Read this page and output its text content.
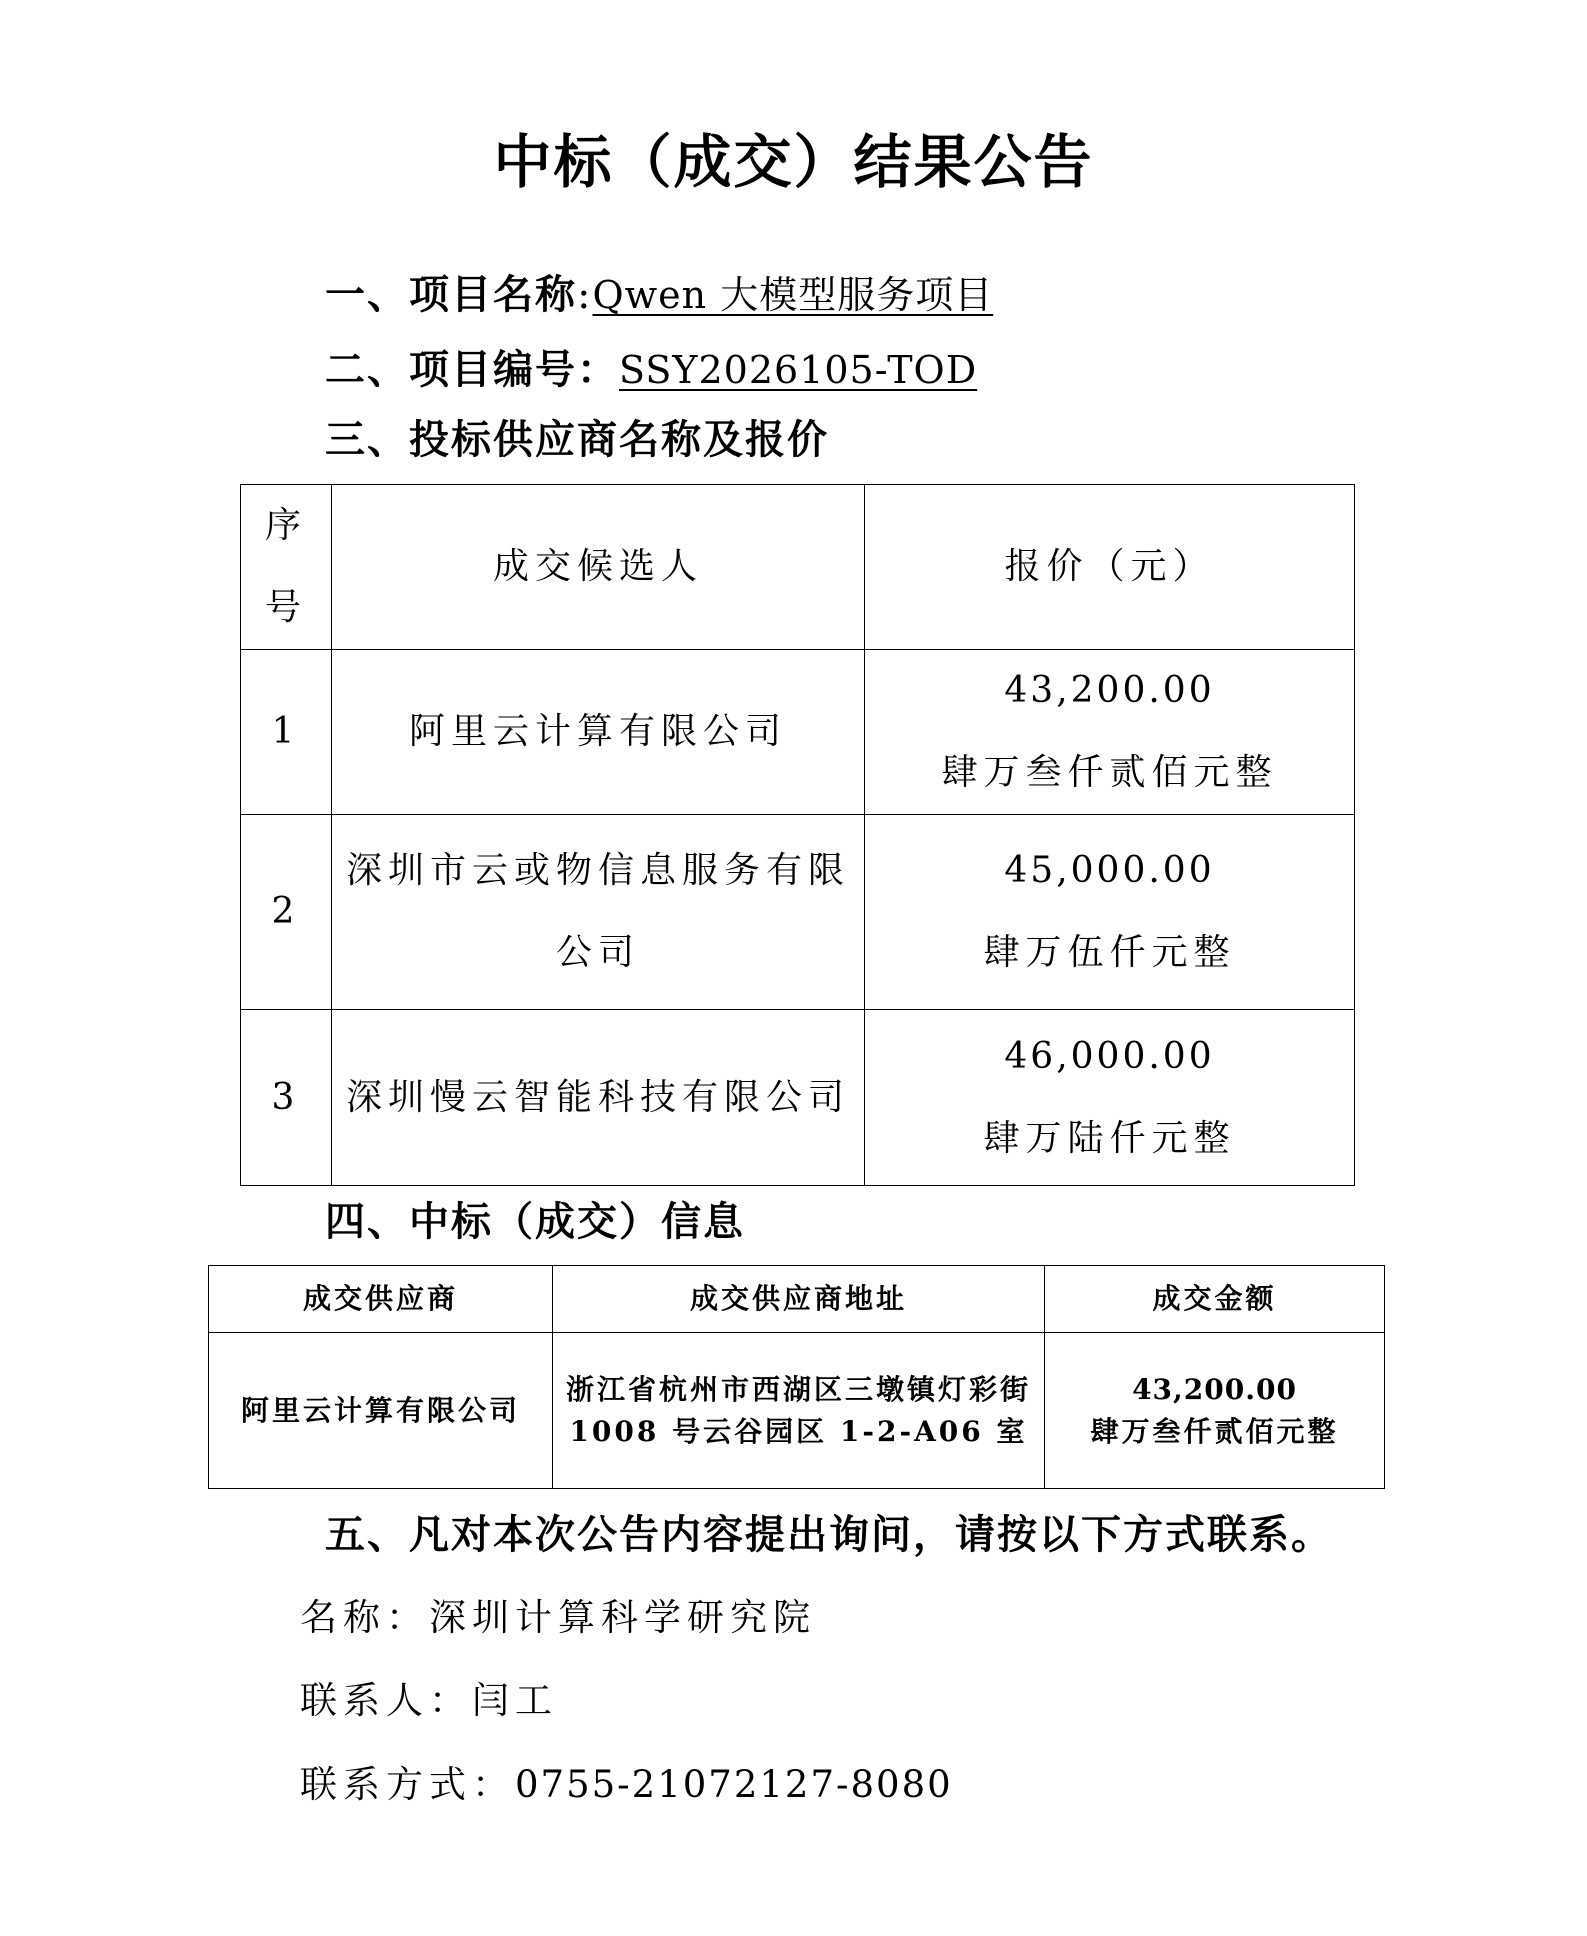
中标（成交）结果公告
一、项目名称:Qwen 大模型服务项目
二、项目编号：SSY2026105-TOD
三、投标供应商名称及报价
序号	成交候选人	报价（元）
1	阿里云计算有限公司	43,200.00
肆万叁仟贰佰元整

2	深圳市云或物信息服务有限公司	45,000.00
肆万伍仟元整

3	深圳慢云智能科技有限公司	46,000.00
肆万陆仟元整
四、中标（成交）信息
成交供应商	成交供应商地址	成交金额
阿里云计算有限公司	浙江省杭州市西湖区三墩镇灯彩街 1008 号云谷园区 1-2-A06 室	43,200.00
肆万叁仟贰佰元整
五、凡对本次公告内容提出询问，请按以下方式联系。
名称：深圳计算科学研究院
联系人：闫工
联系方式：0755-21072127-8080
